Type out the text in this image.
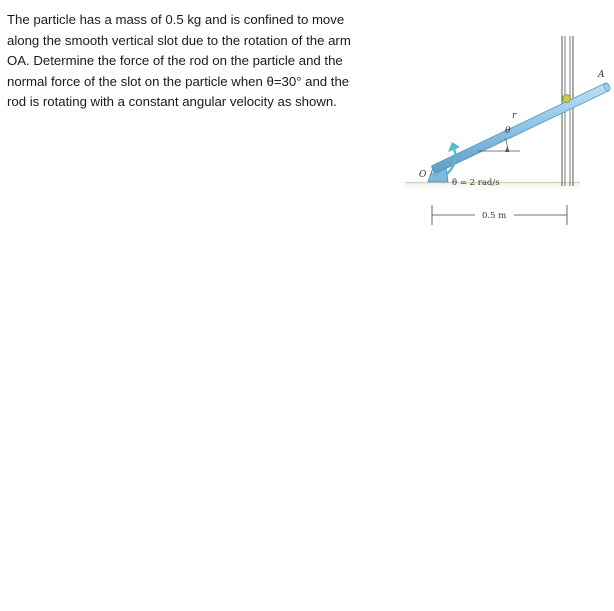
The particle has a mass of 0.5 kg and is confined to move
along the smooth vertical slot due to the rotation of the arm
OA. Determine the force of the rod on the particle and the
normal force of the slot on the particle when θ=30° and the
rod is rotating with a constant angular velocity as shown.
O
A
r
θ
θ̇ = 2 rad/s
0.5 m
